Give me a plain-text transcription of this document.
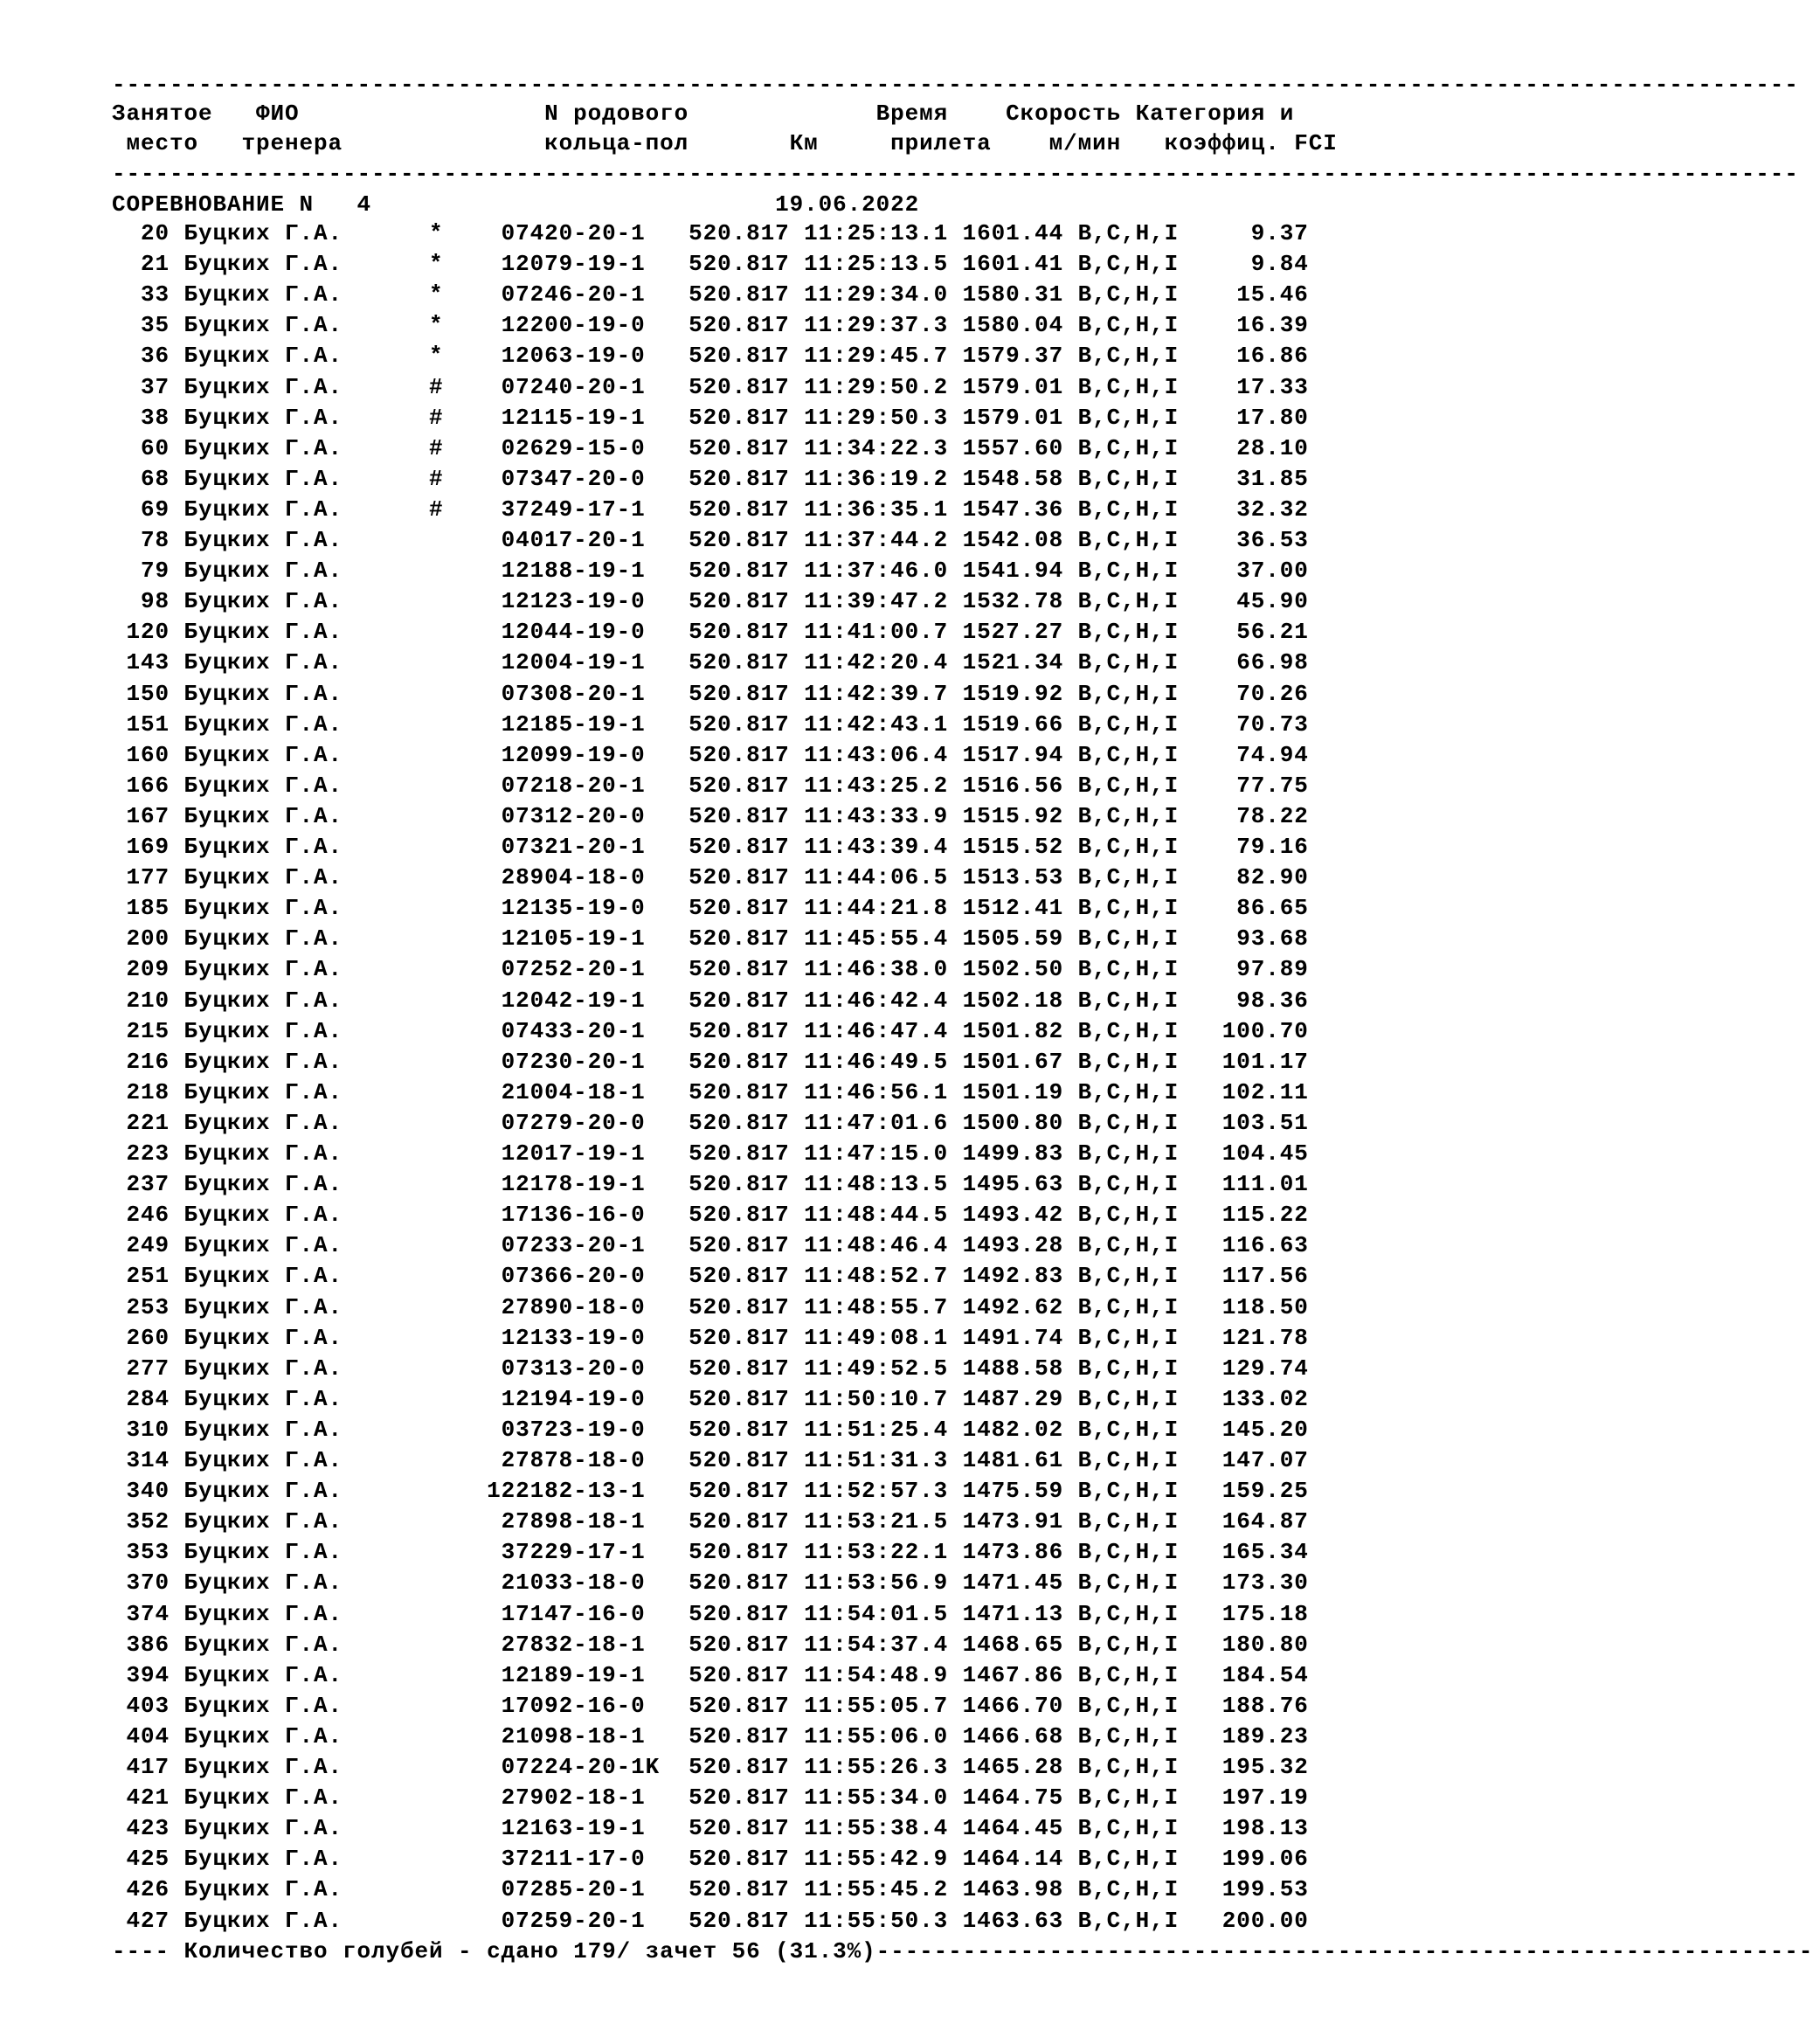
---------------------------------------------------------------------------------------------------------------------
Занятое   ФИО                 N родового             Время    Скорость Категория и
место   тренера              кольца-пол       Км     прилета    м/мин   коэффиц. FCI
---------------------------------------------------------------------------------------------------------------------
СОРЕВНОВАНИЕ N   4                            19.06.2022
20 Буцких Г.А.      *    07420-20-1   520.817 11:25:13.1 1601.44 B,C,H,I     9.37
21 Буцких Г.А.      *    12079-19-1   520.817 11:25:13.5 1601.41 B,C,H,I     9.84
33 Буцких Г.А.      *    07246-20-1   520.817 11:29:34.0 1580.31 B,C,H,I    15.46
35 Буцких Г.А.      *    12200-19-0   520.817 11:29:37.3 1580.04 B,C,H,I    16.39
36 Буцких Г.А.      *    12063-19-0   520.817 11:29:45.7 1579.37 B,C,H,I    16.86
37 Буцких Г.А.      #    07240-20-1   520.817 11:29:50.2 1579.01 B,C,H,I    17.33
38 Буцких Г.А.      #    12115-19-1   520.817 11:29:50.3 1579.01 B,C,H,I    17.80
60 Буцких Г.А.      #    02629-15-0   520.817 11:34:22.3 1557.60 B,C,H,I    28.10
68 Буцких Г.А.      #    07347-20-0   520.817 11:36:19.2 1548.58 B,C,H,I    31.85
69 Буцких Г.А.      #    37249-17-1   520.817 11:36:35.1 1547.36 B,C,H,I    32.32
78 Буцких Г.А.           04017-20-1   520.817 11:37:44.2 1542.08 B,C,H,I    36.53
79 Буцких Г.А.           12188-19-1   520.817 11:37:46.0 1541.94 B,C,H,I    37.00
98 Буцких Г.А.           12123-19-0   520.817 11:39:47.2 1532.78 B,C,H,I    45.90
120 Буцких Г.А.           12044-19-0   520.817 11:41:00.7 1527.27 B,C,H,I    56.21
143 Буцких Г.А.           12004-19-1   520.817 11:42:20.4 1521.34 B,C,H,I    66.98
150 Буцких Г.А.           07308-20-1   520.817 11:42:39.7 1519.92 B,C,H,I    70.26
151 Буцких Г.А.           12185-19-1   520.817 11:42:43.1 1519.66 B,C,H,I    70.73
160 Буцких Г.А.           12099-19-0   520.817 11:43:06.4 1517.94 B,C,H,I    74.94
166 Буцких Г.А.           07218-20-1   520.817 11:43:25.2 1516.56 B,C,H,I    77.75
167 Буцких Г.А.           07312-20-0   520.817 11:43:33.9 1515.92 B,C,H,I    78.22
169 Буцких Г.А.           07321-20-1   520.817 11:43:39.4 1515.52 B,C,H,I    79.16
177 Буцких Г.А.           28904-18-0   520.817 11:44:06.5 1513.53 B,C,H,I    82.90
185 Буцких Г.А.           12135-19-0   520.817 11:44:21.8 1512.41 B,C,H,I    86.65
200 Буцких Г.А.           12105-19-1   520.817 11:45:55.4 1505.59 B,C,H,I    93.68
209 Буцких Г.А.           07252-20-1   520.817 11:46:38.0 1502.50 B,C,H,I    97.89
210 Буцких Г.А.           12042-19-1   520.817 11:46:42.4 1502.18 B,C,H,I    98.36
215 Буцких Г.А.           07433-20-1   520.817 11:46:47.4 1501.82 B,C,H,I   100.70
216 Буцких Г.А.           07230-20-1   520.817 11:46:49.5 1501.67 B,C,H,I   101.17
218 Буцких Г.А.           21004-18-1   520.817 11:46:56.1 1501.19 B,C,H,I   102.11
221 Буцких Г.А.           07279-20-0   520.817 11:47:01.6 1500.80 B,C,H,I   103.51
223 Буцких Г.А.           12017-19-1   520.817 11:47:15.0 1499.83 B,C,H,I   104.45
237 Буцких Г.А.           12178-19-1   520.817 11:48:13.5 1495.63 B,C,H,I   111.01
246 Буцких Г.А.           17136-16-0   520.817 11:48:44.5 1493.42 B,C,H,I   115.22
249 Буцких Г.А.           07233-20-1   520.817 11:48:46.4 1493.28 B,C,H,I   116.63
251 Буцких Г.А.           07366-20-0   520.817 11:48:52.7 1492.83 B,C,H,I   117.56
253 Буцких Г.А.           27890-18-0   520.817 11:48:55.7 1492.62 B,C,H,I   118.50
260 Буцких Г.А.           12133-19-0   520.817 11:49:08.1 1491.74 B,C,H,I   121.78
277 Буцких Г.А.           07313-20-0   520.817 11:49:52.5 1488.58 B,C,H,I   129.74
284 Буцких Г.А.           12194-19-0   520.817 11:50:10.7 1487.29 B,C,H,I   133.02
310 Буцких Г.А.           03723-19-0   520.817 11:51:25.4 1482.02 B,C,H,I   145.20
314 Буцких Г.А.           27878-18-0   520.817 11:51:31.3 1481.61 B,C,H,I   147.07
340 Буцких Г.А.          122182-13-1   520.817 11:52:57.3 1475.59 B,C,H,I   159.25
352 Буцких Г.А.           27898-18-1   520.817 11:53:21.5 1473.91 B,C,H,I   164.87
353 Буцких Г.А.           37229-17-1   520.817 11:53:22.1 1473.86 B,C,H,I   165.34
370 Буцких Г.А.           21033-18-0   520.817 11:53:56.9 1471.45 B,C,H,I   173.30
374 Буцких Г.А.           17147-16-0   520.817 11:54:01.5 1471.13 B,C,H,I   175.18
386 Буцких Г.А.           27832-18-1   520.817 11:54:37.4 1468.65 B,C,H,I   180.80
394 Буцких Г.А.           12189-19-1   520.817 11:54:48.9 1467.86 B,C,H,I   184.54
403 Буцких Г.А.           17092-16-0   520.817 11:55:05.7 1466.70 B,C,H,I   188.76
404 Буцких Г.А.           21098-18-1   520.817 11:55:06.0 1466.68 B,C,H,I   189.23
417 Буцких Г.А.           07224-20-1K  520.817 11:55:26.3 1465.28 B,C,H,I   195.32
421 Буцких Г.А.           27902-18-1   520.817 11:55:34.0 1464.75 B,C,H,I   197.19
423 Буцких Г.А.           12163-19-1   520.817 11:55:38.4 1464.45 B,C,H,I   198.13
425 Буцких Г.А.           37211-17-0   520.817 11:55:42.9 1464.14 B,C,H,I   199.06
426 Буцких Г.А.           07285-20-1   520.817 11:55:45.2 1463.98 B,C,H,I   199.53
427 Буцких Г.А.           07259-20-1   520.817 11:55:50.3 1463.63 B,C,H,I   200.00
---- Количество голубей - сдано 179/ зачет 56 (31.3%)-----------------------------------------------------------------
